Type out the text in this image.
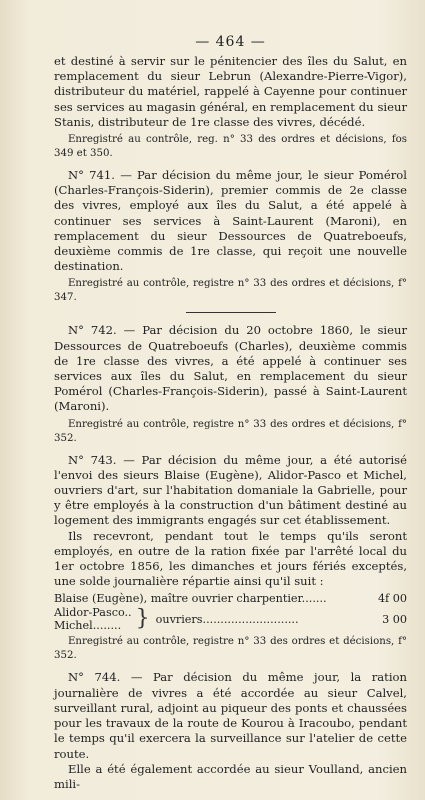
— 464 —

et destiné à servir sur le pénitencier des îles du Salut, en remplacement du sieur Lebrun (Alexandre-Pierre-Vigor), distributeur du matériel, rappelé à Cayenne pour continuer ses services au magasin général, en remplacement du sieur Stanis, distributeur de 1re classe des vivres, décédé.

Enregistré au contrôle, reg. n° 33 des ordres et décisions, fos 349 et 350.

N° 741. — Par décision du même jour, le sieur Pomérol (Charles-François-Siderin), premier commis de 2e classe des vivres, employé aux îles du Salut, a été appelé à continuer ses services à Saint-Laurent (Maroni), en remplacement du sieur Dessources de Quatreboeufs, deuxième commis de 1re classe, qui reçoit une nouvelle destination.

Enregistré au contrôle, registre n° 33 des ordres et décisions, f° 347.

N° 742. — Par décision du 20 octobre 1860, le sieur Dessources de Quatreboeufs (Charles), deuxième commis de 1re classe des vivres, a été appelé à continuer ses services aux îles du Salut, en remplacement du sieur Pomérol (Charles-François-Siderin), passé à Saint-Laurent (Maroni).

Enregistré au contrôle, registre n° 33 des ordres et décisions, f° 352.

N° 743. — Par décision du même jour, a été autorisé l'envoi des sieurs Blaise (Eugène), Alidor-Pasco et Michel, ouvriers d'art, sur l'habitation domaniale la Gabrielle, pour y être employés à la construction d'un bâtiment destiné au logement des immigrants engagés sur cet établissement.

Ils recevront, pendant tout le temps qu'ils seront employés, en outre de la ration fixée par l'arrêté local du 1er octobre 1856, les dimanches et jours fériés exceptés, une solde journalière répartie ainsi qu'il suit :

Blaise (Eugène), maître ouvrier charpentier.......	4f 00
Alidor-Pasco..
Michel........ } ouvriers...........................	3 00

Enregistré au contrôle, registre n° 33 des ordres et décisions, f° 352.

N° 744. — Par décision du même jour, la ration journalière de vivres a été accordée au sieur Calvel, surveillant rural, adjoint au piqueur des ponts et chaussées pour les travaux de la route de Kourou à Iracoubo, pendant le temps qu'il exercera la surveillance sur l'atelier de cette route.

Elle a été également accordée au sieur Voulland, ancien mili-
